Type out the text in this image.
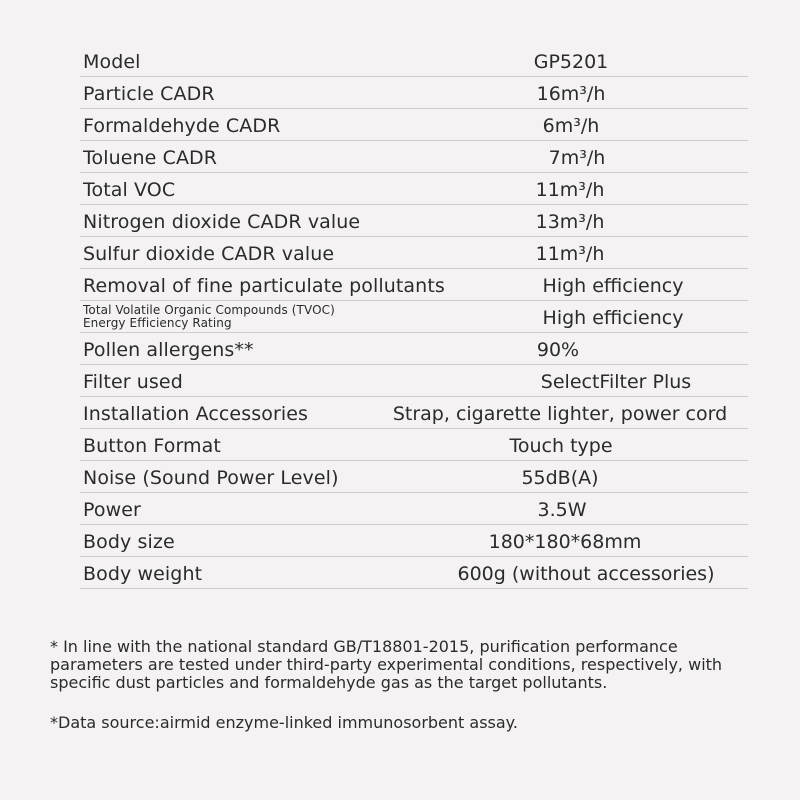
Model	GP5201
Particle CADR	16m³/h
Formaldehyde CADR	6m³/h
Toluene CADR	7m³/h
Total VOC	11m³/h
Nitrogen dioxide CADR value	13m³/h
Sulfur dioxide CADR value	11m³/h
Removal of fine particulate pollutants	High efficiency
Total Volatile Organic Compounds (TVOC)
Energy Efficiency Rating	High efficiency
Pollen allergens**	90%
Filter used	SelectFilter Plus
Installation Accessories	Strap, cigarette lighter, power cord
Button Format	Touch type
Noise (Sound Power Level)	55dB(A)
Power	3.5W
Body size	180*180*68mm
Body weight	600g (without accessories)

* In line with the national standard GB/T18801-2015, purification performance parameters are tested under third-party experimental conditions, respectively, with specific dust particles and formaldehyde gas as the target pollutants.

*Data source:airmid enzyme-linked immunosorbent assay.
